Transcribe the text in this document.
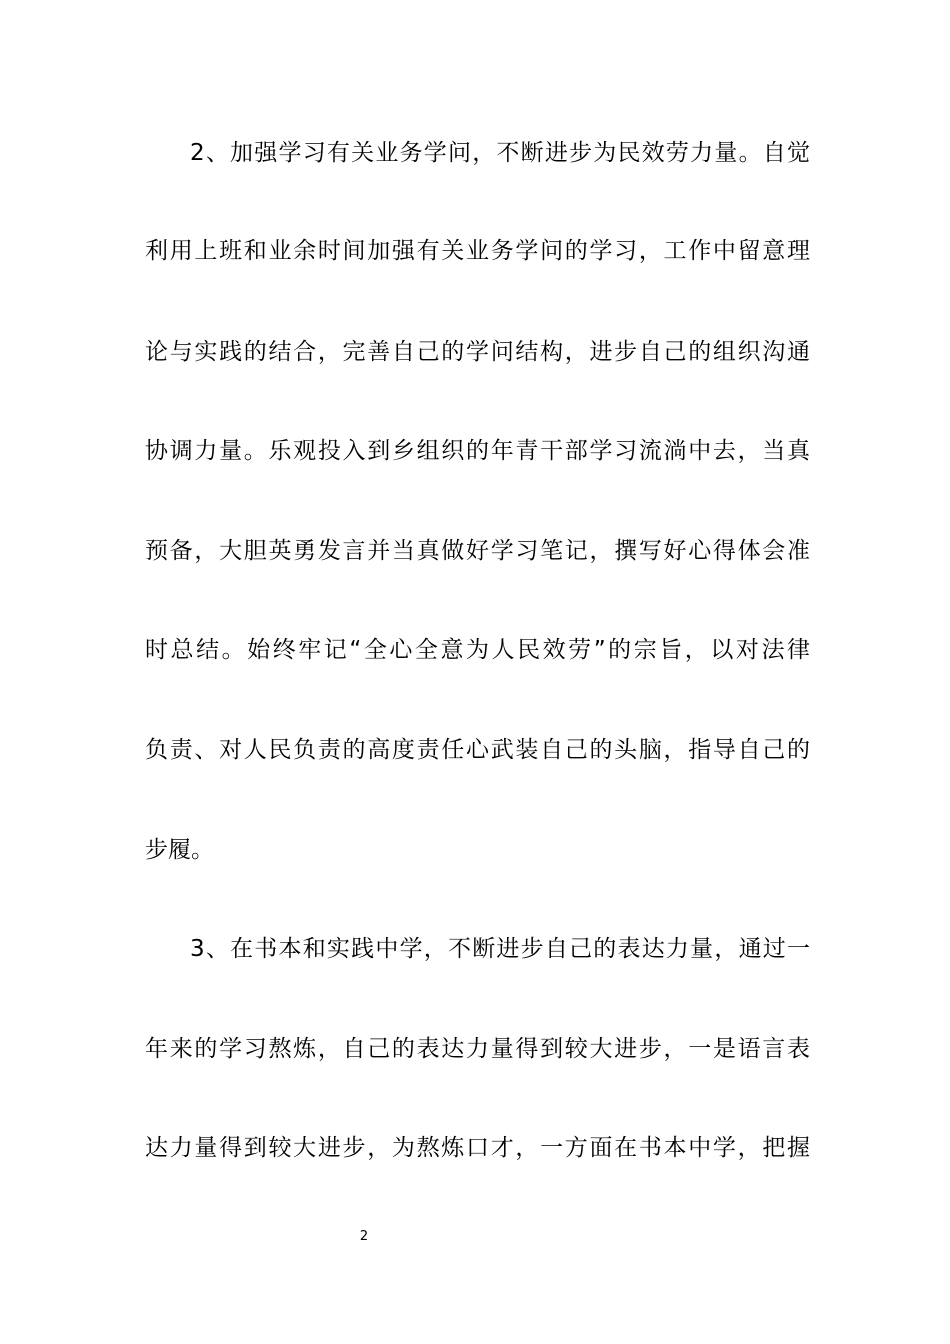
2、加强学习有关业务学问，不断进步为民效劳力量。自觉
利用上班和业余时间加强有关业务学问的学习，工作中留意理
论与实践的结合，完善自己的学问结构，进步自己的组织沟通
协调力量。乐观投入到乡组织的年青干部学习流淌中去，当真
预备，大胆英勇发言并当真做好学习笔记，撰写好心得体会准
时总结。始终牢记“全心全意为人民效劳”的宗旨，以对法律
负责、对人民负责的高度责任心武装自己的头脑，指导自己的
步履。
3、在书本和实践中学，不断进步自己的表达力量，通过一
年来的学习熬炼，自己的表达力量得到较大进步，一是语言表
达力量得到较大进步，为熬炼口才，一方面在书本中学，把握
2
